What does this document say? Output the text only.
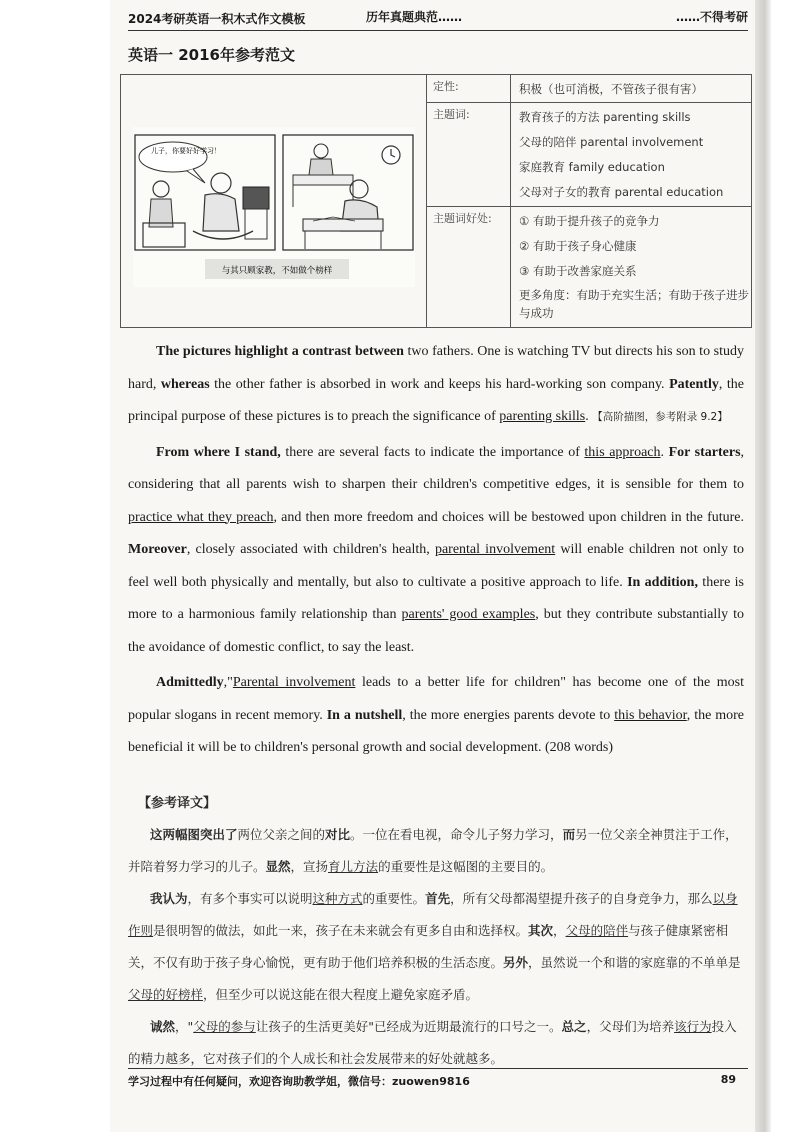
2024考研英语一积木式作文模板	历年真题典范……	……不得考研
英语一 2016年参考范文
儿子，你要好好学习！
与其只顾家教，不如做个榜样
定性:	积极（也可消极，不管孩子很有害）
主题词:	教育孩子的方法 parenting skills
父母的陪伴 parental involvement
家庭教育 family education
父母对子女的教育 parental education
主题词好处:	① 有助于提升孩子的竞争力
② 有助于孩子身心健康
③ 有助于改善家庭关系
更多角度：有助于充实生活；有助于孩子进步与成功

The pictures highlight a contrast between two fathers. One is watching TV but directs his son to study hard, whereas the other father is absorbed in work and keeps his hard-working son company. Patently, the principal purpose of these pictures is to preach the significance of parenting skills. 【高阶描图，参考附录 9.2】

From where I stand, there are several facts to indicate the importance of this approach. For starters, considering that all parents wish to sharpen their children's competitive edges, it is sensible for them to practice what they preach, and then more freedom and choices will be bestowed upon children in the future. Moreover, closely associated with children's health, parental involvement will enable children not only to feel well both physically and mentally, but also to cultivate a positive approach to life. In addition, there is more to a harmonious family relationship than parents' good examples, but they contribute substantially to the avoidance of domestic conflict, to say the least.

Admittedly,"Parental involvement leads to a better life for children" has become one of the most popular slogans in recent memory. In a nutshell, the more energies parents devote to this behavior, the more beneficial it will be to children's personal growth and social development. (208 words)

【参考译文】

这两幅图突出了两位父亲之间的对比。一位在看电视，命令儿子努力学习，而另一位父亲全神贯注于工作，并陪着努力学习的儿子。显然，宣扬育儿方法的重要性是这幅图的主要目的。

我认为，有多个事实可以说明这种方式的重要性。首先，所有父母都渴望提升孩子的自身竞争力，那么以身作则是很明智的做法，如此一来，孩子在未来就会有更多自由和选择权。其次，父母的陪伴与孩子健康紧密相关，不仅有助于孩子身心愉悦，更有助于他们培养积极的生活态度。另外，虽然说一个和谐的家庭靠的不单单是父母的好榜样，但至少可以说这能在很大程度上避免家庭矛盾。

诚然，"父母的参与让孩子的生活更美好"已经成为近期最流行的口号之一。总之，父母们为培养该行为投入的精力越多，它对孩子们的个人成长和社会发展带来的好处就越多。

学习过程中有任何疑问，欢迎咨询助教学姐，微信号：zuowen9816	89
